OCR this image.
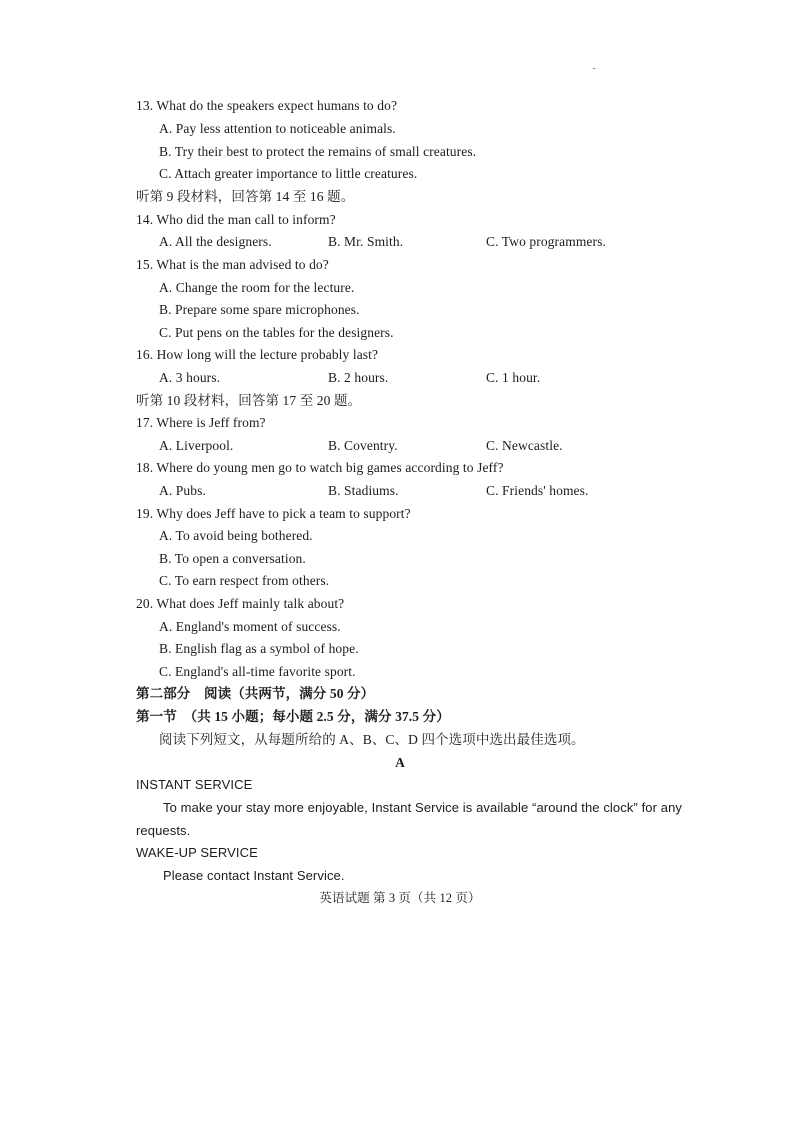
13. What do the speakers expect humans to do?
A. Pay less attention to noticeable animals.
B. Try their best to protect the remains of small creatures.
C. Attach greater importance to little creatures.
听第 9 段材料，回答第 14 至 16 题。
14. Who did the man call to inform?
A. All the designers.	B. Mr. Smith.	C. Two programmers.
15. What is the man advised to do?
A. Change the room for the lecture.
B. Prepare some spare microphones.
C. Put pens on the tables for the designers.
16. How long will the lecture probably last?
A. 3 hours.	B. 2 hours.	C. 1 hour.
听第 10 段材料，回答第 17 至 20 题。
17. Where is Jeff from?
A. Liverpool.	B. Coventry.	C. Newcastle.
18. Where do young men go to watch big games according to Jeff?
A. Pubs.	B. Stadiums.	C. Friends' homes.
19. Why does Jeff have to pick a team to support?
A. To avoid being bothered.
B. To open a conversation.
C. To earn respect from others.
20. What does Jeff mainly talk about?
A. England's moment of success.
B. English flag as a symbol of hope.
C. England's all-time favorite sport.
第二部分　阅读（共两节，满分 50 分）
第一节　（共 15 小题；每小题 2.5 分，满分 37.5 分）
阅读下列短文，从每题所给的 A、B、C、D 四个选项中选出最佳选项。
A
INSTANT SERVICE
To make your stay more enjoyable, Instant Service is available “around the clock” for any
requests.
WAKE-UP SERVICE
Please contact Instant Service.
英语试题 第 3 页（共 12 页）
